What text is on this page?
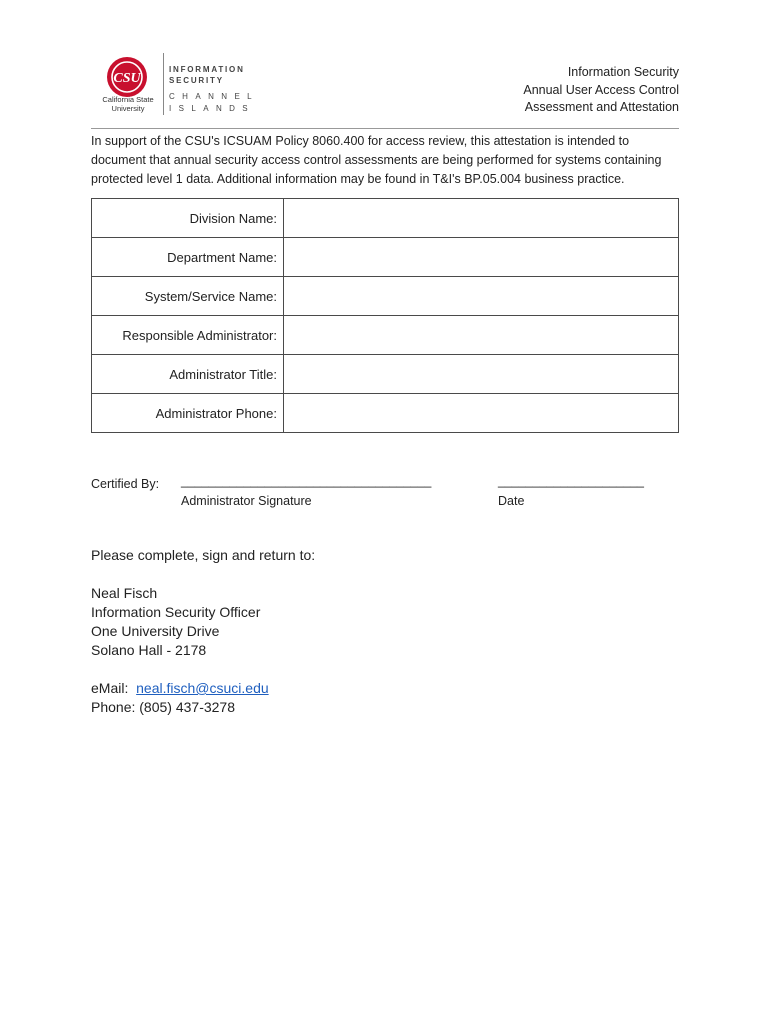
CSU
California State
University
INFORMATION
SECURITY
CHANNEL
ISLANDS
Information Security
Annual User Access Control
Assessment and Attestation
In support of the CSU's ICSUAM Policy 8060.400 for access review, this attestation is intended to
document that annual security access control assessments are being performed for systems containing
protected level 1 data. Additional information may be found in T&I's BP.05.004 business practice.
Division Name:	
Department Name:	
System/Service Name:	
Responsible Administrator:	
Administrator Title:	
Administrator Phone:	
Certified By: ____________________________________
Administrator Signature
_____________________
Date
Please complete, sign and return to:
Neal Fisch
Information Security Officer
One University Drive
Solano Hall - 2178
eMail: neal.fisch@csuci.edu
Phone: (805) 437-3278
